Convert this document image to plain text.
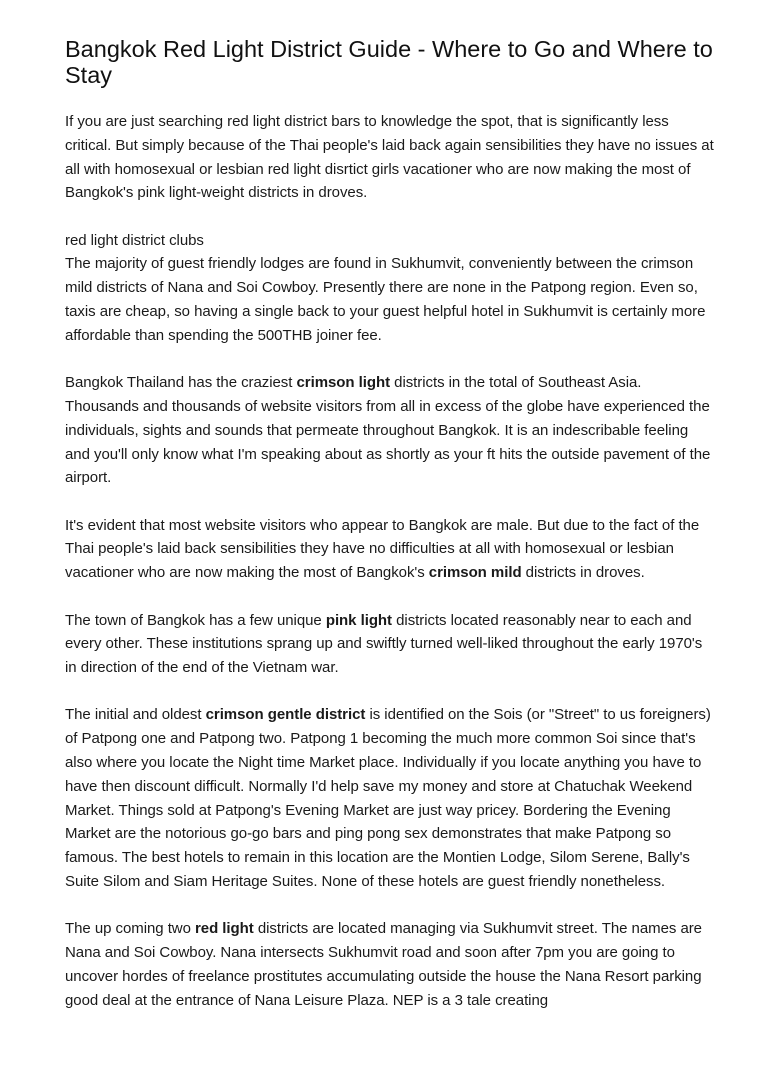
Bangkok Red Light District Guide - Where to Go and Where to Stay

If you are just searching red light district bars to knowledge the spot, that is significantly less critical. But simply because of the Thai people's laid back again sensibilities they have no issues at all with homosexual or lesbian red light disrtict girls vacationer who are now making the most of Bangkok's pink light-weight districts in droves.

red light district clubs
The majority of guest friendly lodges are found in Sukhumvit, conveniently between the crimson mild districts of Nana and Soi Cowboy. Presently there are none in the Patpong region. Even so, taxis are cheap, so having a single back to your guest helpful hotel in Sukhumvit is certainly more affordable than spending the 500THB joiner fee.

Bangkok Thailand has the craziest crimson light districts in the total of Southeast Asia. Thousands and thousands of website visitors from all in excess of the globe have experienced the individuals, sights and sounds that permeate throughout Bangkok. It is an indescribable feeling and you'll only know what I'm speaking about as shortly as your ft hits the outside pavement of the airport.

It's evident that most website visitors who appear to Bangkok are male. But due to the fact of the Thai people's laid back sensibilities they have no difficulties at all with homosexual or lesbian vacationer who are now making the most of Bangkok's crimson mild districts in droves.

The town of Bangkok has a few unique pink light districts located reasonably near to each and every other. These institutions sprang up and swiftly turned well-liked throughout the early 1970's in direction of the end of the Vietnam war.

The initial and oldest crimson gentle district is identified on the Sois (or "Street" to us foreigners) of Patpong one and Patpong two. Patpong 1 becoming the much more common Soi since that's also where you locate the Night time Market place. Individually if you locate anything you have to have then discount difficult. Normally I'd help save my money and store at Chatuchak Weekend Market. Things sold at Patpong's Evening Market are just way pricey. Bordering the Evening Market are the notorious go-go bars and ping pong sex demonstrates that make Patpong so famous. The best hotels to remain in this location are the Montien Lodge, Silom Serene, Bally's Suite Silom and Siam Heritage Suites. None of these hotels are guest friendly nonetheless.

The up coming two red light districts are located managing via Sukhumvit street. The names are Nana and Soi Cowboy. Nana intersects Sukhumvit road and soon after 7pm you are going to uncover hordes of freelance prostitutes accumulating outside the house the Nana Resort parking good deal at the entrance of Nana Leisure Plaza. NEP is a 3 tale creating
